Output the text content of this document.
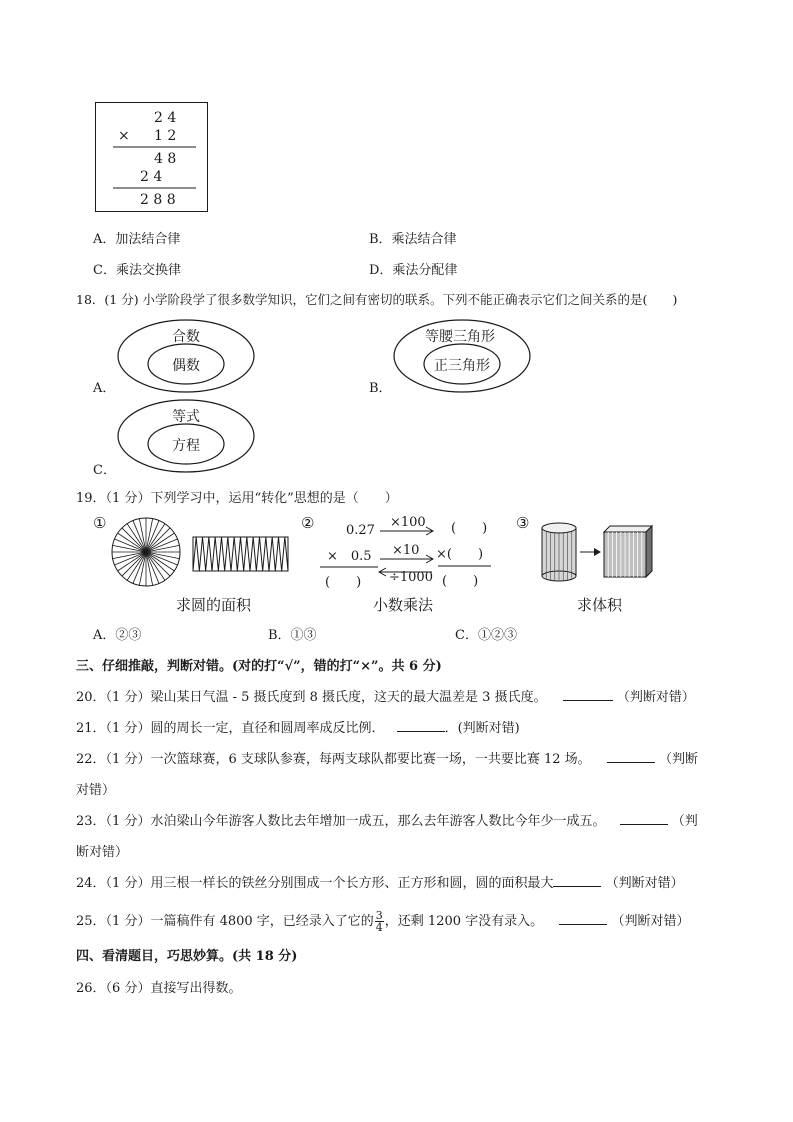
2 4
× 1 2
4 8
2 4
2 8 8
A．加法结合律	B．乘法结合律
C．乘法交换律	D．乘法分配律
18．(1 分) 小学阶段学了很多数学知识，它们之间有密切的联系。下列不能正确表示它们之间关系的是(　　)
合数
偶数
A．
等腰三角形
正三角形
B．
等式
方程
C．
19．（1 分）下列学习中，运用“转化”思想的是（　　）
①
求圆的面积
② 0.27
×　0.5
(　　)
×100
×10
÷1000
(　　)
×(　　)
(　　)
小数乘法
③
求体积
A．②③	B．①③	C．①②③
三、仔细推敲，判断对错。(对的打“√”，错的打“×”。共 6 分)
20．（1 分）梁山某日气温 - 5 摄氏度到 8 摄氏度，这天的最大温差是 3 摄氏度。	（判断对错）
21．（1 分）圆的周长一定，直径和圆周率成反比例．	．(判断对错)
22．（1 分）一次篮球赛，6 支球队参赛，每两支球队都要比赛一场，一共要比赛 12 场。	（判断
对错）
23．（1 分）水泊梁山今年游客人数比去年增加一成五，那么去年游客人数比今年少一成五。	（判
断对错）
24．（1 分）用三根一样长的铁丝分别围成一个长方形、正方形和圆，圆的面积最大	（判断对错）
25．（1 分）一篇稿件有 4800 字，已经录入了它的 $\frac{3}{4}$ ，还剩 1200 字没有录入。	（判断对错）
四、看清题目，巧思妙算。(共 18 分)
26．（6 分）直接写出得数。
